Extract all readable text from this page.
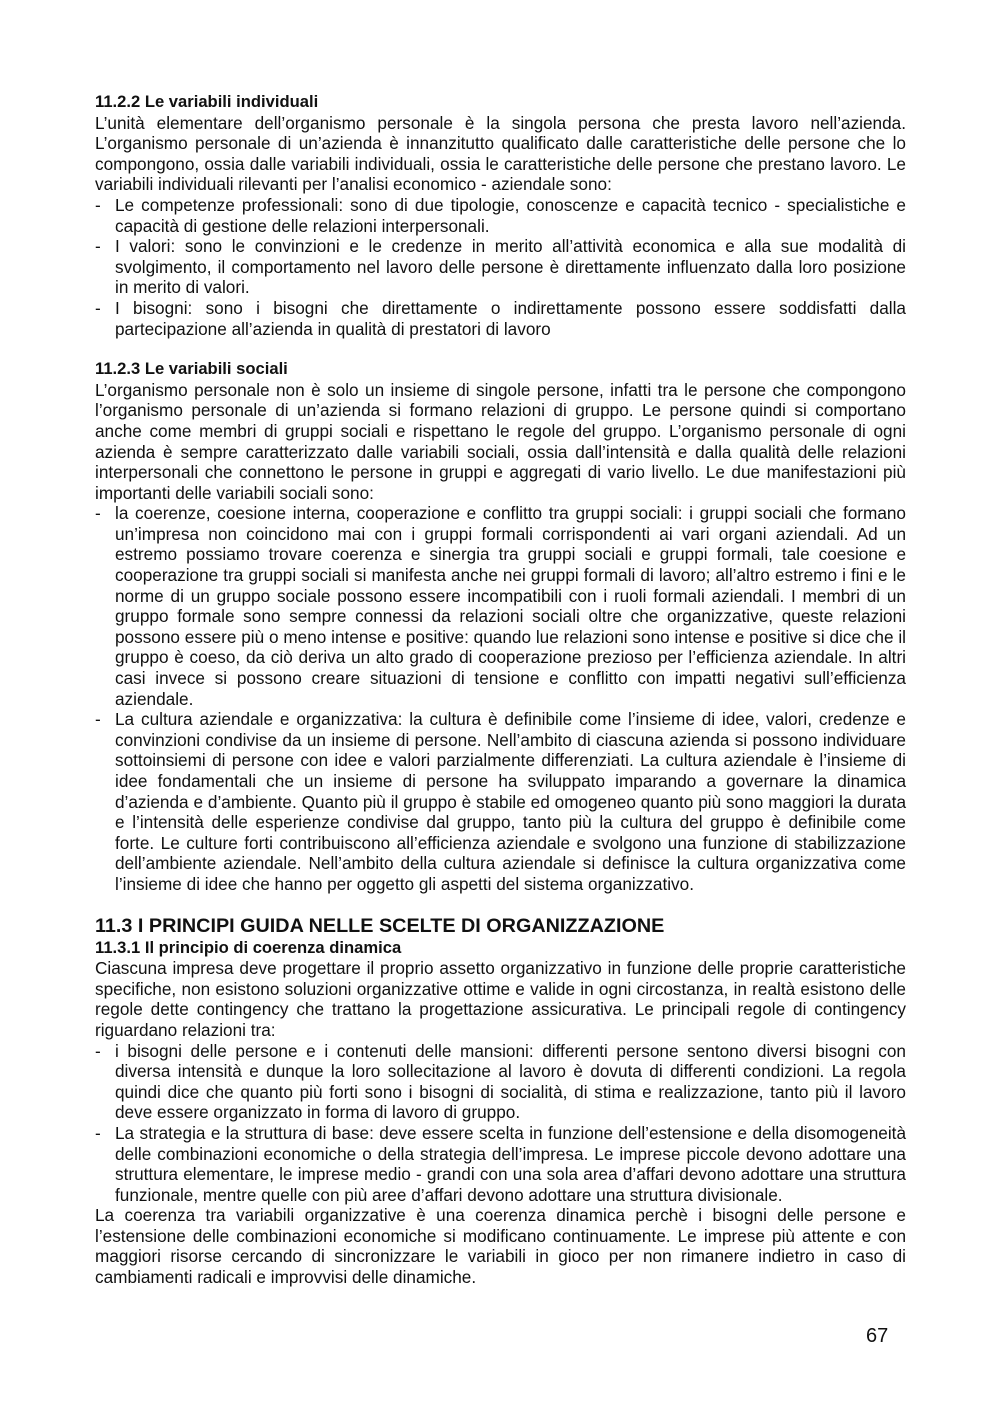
11.2.2 Le variabili individuali

L’unità elementare dell’organismo personale è la singola persona che presta lavoro nell’azienda. L’organismo personale di un’azienda è innanzitutto qualificato dalle caratteristiche delle persone che lo compongono, ossia dalle variabili individuali, ossia le caratteristiche delle persone che prestano lavoro. Le variabili individuali rilevanti per l’analisi economico - aziendale sono:

- Le competenze professionali: sono di due tipologie, conoscenze e capacità tecnico - specialistiche e capacità di gestione delle relazioni interpersonali.
- I valori: sono le convinzioni e le credenze in merito all’attività economica e alla sue modalità di svolgimento, il comportamento nel lavoro delle persone è direttamente influenzato dalla loro posizione in merito di valori.
- I bisogni: sono i bisogni che direttamente o indirettamente possono essere soddisfatti dalla partecipazione all’azienda in qualità di prestatori di lavoro

11.2.3 Le variabili sociali

L’organismo personale non è solo un insieme di singole persone, infatti tra le persone che compongono l’organismo personale di un’azienda si formano relazioni di gruppo. Le persone quindi si comportano anche come membri di gruppi sociali e rispettano le regole del gruppo. L’organismo personale di ogni azienda è sempre caratterizzato dalle variabili sociali, ossia dall’intensità e dalla qualità delle relazioni interpersonali che connettono le persone in gruppi e aggregati di vario livello. Le due manifestazioni più importanti delle variabili sociali sono:

- la coerenze, coesione interna, cooperazione e conflitto tra gruppi sociali: i gruppi sociali che formano un’impresa non coincidono mai con i gruppi formali corrispondenti ai vari organi aziendali. Ad un estremo possiamo trovare coerenza e sinergia tra gruppi sociali e gruppi formali, tale coesione e cooperazione tra gruppi sociali si manifesta anche nei gruppi formali di lavoro; all’altro estremo i fini e le norme di un gruppo sociale possono essere incompatibili con i ruoli formali aziendali. I membri di un gruppo formale sono sempre connessi da relazioni sociali oltre che organizzative, queste relazioni possono essere più o meno intense e positive: quando lue relazioni sono intense e positive si dice che il gruppo è coeso, da ciò deriva un alto grado di cooperazione prezioso per l’efficienza aziendale. In altri casi invece si possono creare situazioni di tensione e conflitto con impatti negativi sull’efficienza aziendale.
- La cultura aziendale e organizzativa: la cultura è definibile come l’insieme di idee, valori, credenze e convinzioni condivise da un insieme di persone. Nell’ambito di ciascuna azienda si possono individuare sottoinsiemi di persone con idee e valori parzialmente differenziati. La cultura aziendale è l’insieme di idee fondamentali che un insieme di persone ha sviluppato imparando a governare la dinamica d’azienda e d’ambiente. Quanto più il gruppo è stabile ed omogeneo quanto più sono maggiori la durata e l’intensità delle esperienze condivise dal gruppo, tanto più la cultura del gruppo è definibile come forte. Le culture forti contribuiscono all’efficienza aziendale e svolgono una funzione di stabilizzazione dell’ambiente aziendale. Nell’ambito della cultura aziendale si definisce la cultura organizzativa come l’insieme di idee che hanno per oggetto gli aspetti del sistema organizzativo.

11.3 I PRINCIPI GUIDA NELLE SCELTE DI ORGANIZZAZIONE

11.3.1 Il principio di coerenza dinamica

Ciascuna impresa deve progettare il proprio assetto organizzativo in funzione delle proprie caratteristiche specifiche, non esistono soluzioni organizzative ottime e valide in ogni circostanza, in realtà esistono delle regole dette contingency che trattano la progettazione assicurativa. Le principali regole di contingency riguardano relazioni tra:

- i bisogni delle persone e i contenuti delle mansioni: differenti persone sentono diversi bisogni con diversa intensità e dunque la loro sollecitazione al lavoro è dovuta di differenti condizioni. La regola quindi dice che quanto più forti sono i bisogni di socialità, di stima e realizzazione, tanto più il lavoro deve essere organizzato in forma di lavoro di gruppo.
- La strategia e la struttura di base: deve essere scelta in funzione dell’estensione e della disomogeneità delle combinazioni economiche o della strategia dell’impresa. Le imprese piccole devono adottare una struttura elementare, le imprese medio - grandi con una sola area d’affari devono adottare una struttura funzionale, mentre quelle con più aree d’affari devono adottare una struttura divisionale.

La coerenza tra variabili organizzative è una coerenza dinamica perchè i bisogni delle persone e l’estensione delle combinazioni economiche si modificano continuamente. Le imprese più attente e con maggiori risorse cercando di sincronizzare le variabili in gioco per non rimanere indietro in caso di cambiamenti radicali e improvvisi delle dinamiche.

67
